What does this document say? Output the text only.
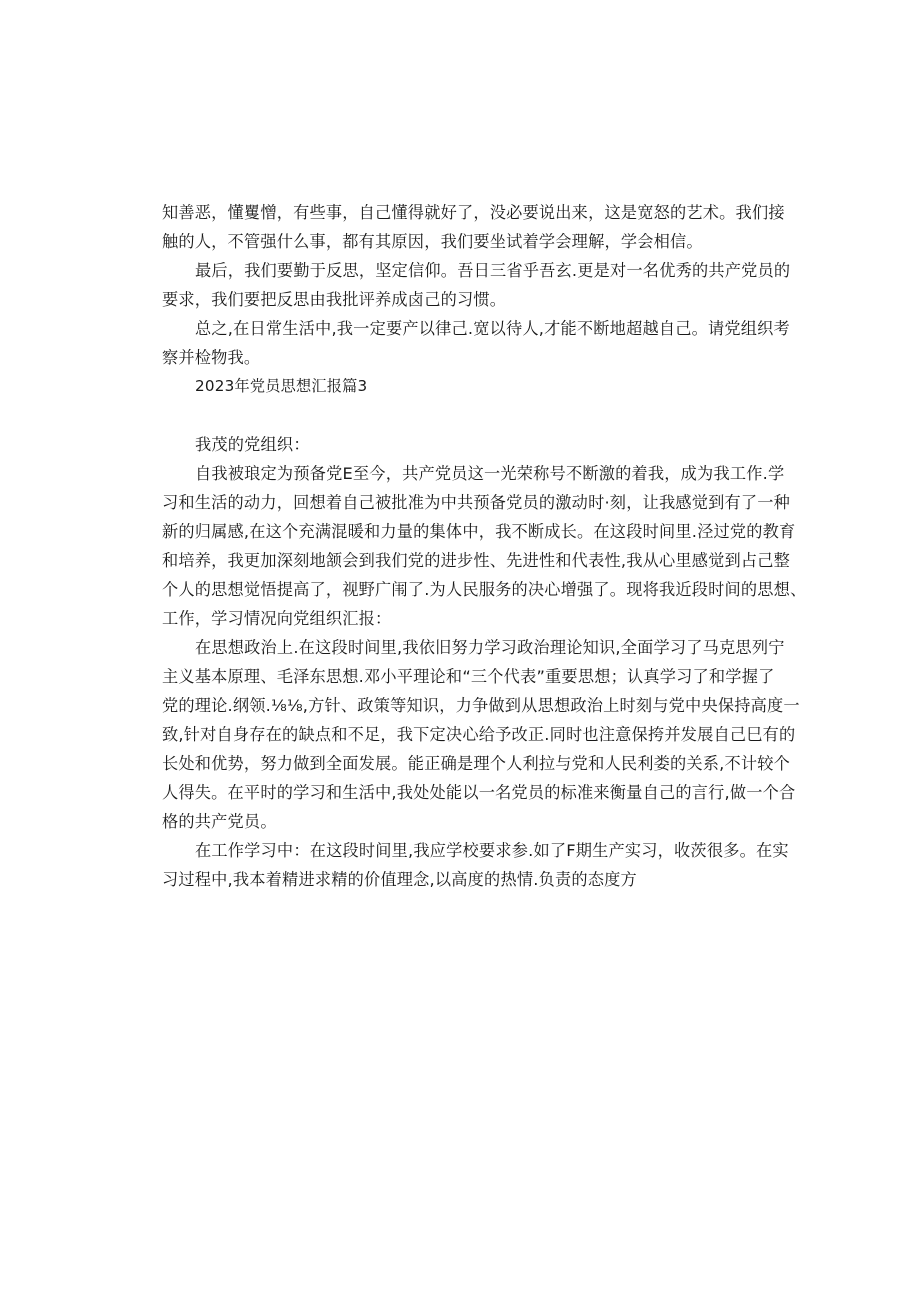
知善恶，懂矍憎，有些事，自己懂得就好了，没必要说出来，这是宽怒的艺术。我们接
触的人，不管强什么事，都有其原因，我们要坐试着学会理解，学会相信。
最后，我们要勤于反思，坚定信仰。吾日三省乎吾玄.更是对一名优秀的共产党员的
要求，我们要把反思由我批评养成卤己的习惯。
总之,在日常生活中,我一定要产以律己.宽以待人,才能不断地超越自己。请党组织考
察并检物我。
2023年党员思想汇报篇3
我茂的党组织：
自我被琅定为预备党E至今，共产党员这一光荣称号不断激的着我，成为我工作.学
习和生活的动力，回想着自己被批准为中共预备党员的激动时·刻，让我感觉到有了一种
新的归属感,在这个充满混暖和力量的集体中，我不断成长。在这段时间里.泾过党的教育
和培养，我更加深刻地颔会到我们党的进步性、先进性和代表性,我从心里感觉到占己整
个人的思想觉悟提高了，视野广闱了.为人民服务的决心增强了。现将我近段时间的思想、
工作，学习情况向党组织汇报：
在思想政治上.在这段时间里,我依旧努力学习政治理论知识,全面学习了马克思列宁
主义基本原理、毛泽东思想.邓小平理论和“三个代表”重要思想；认真学习了和学握了
党的理论.纲领.⅛⅛,方针、政策等知识，力争做到从思想政治上时刻与党中央保持高度一
致,针对自身存在的缺点和不足，我下定决心给予改正.同时也注意保挎并发展自己巳有的
长处和优势，努力做到全面发展。能正确是理个人利拉与党和人民利娄的关系,不计较个
人得失。在平时的学习和生活中,我处处能以一名党员的标准来衡量自己的言行,做一个合
格的共产党员。
在工作学习中：在这段时间里,我应学校要求参.如了F期生产实习，收茨很多。在实
习过程中,我本着精进求精的价值理念,以高度的热情.负责的态度方
